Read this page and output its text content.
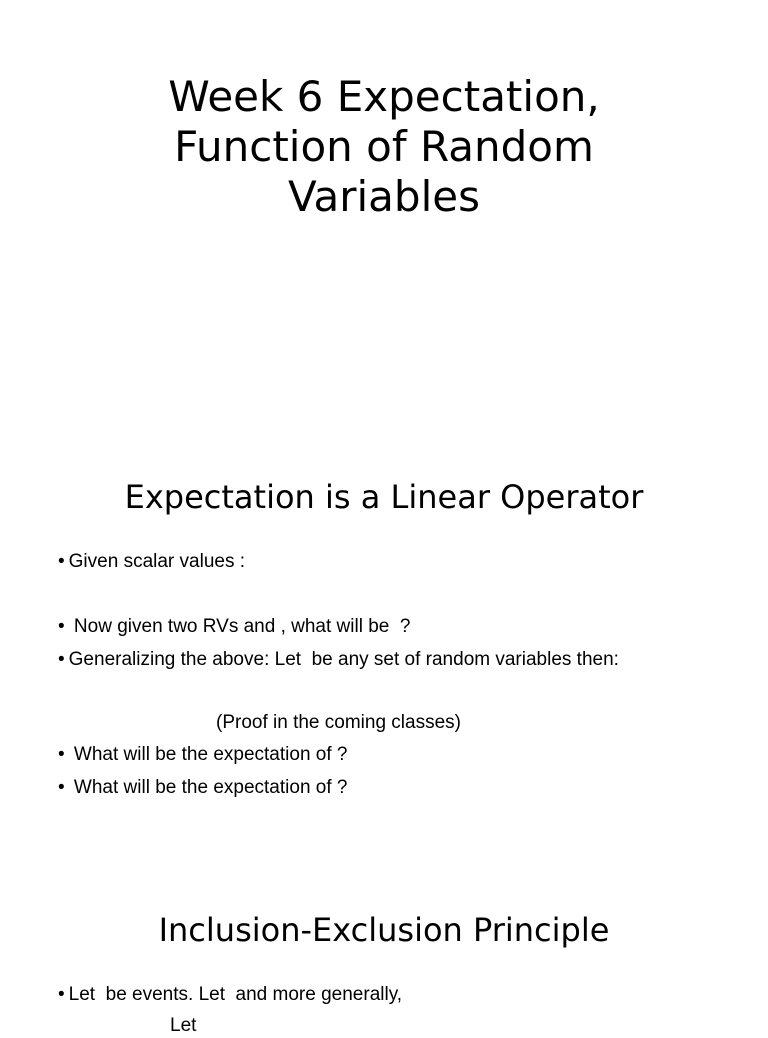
Week 6 Expectation,
Function of Random
Variables
Expectation is a Linear Operator
• Given scalar values :
• Now given two RVs and , what will be  ?
• Generalizing the above: Let  be any set of random variables then:
(Proof in the coming classes)
• What will be the expectation of ?
• What will be the expectation of ?
Inclusion-Exclusion Principle
• Let  be events. Let  and more generally,
Let
